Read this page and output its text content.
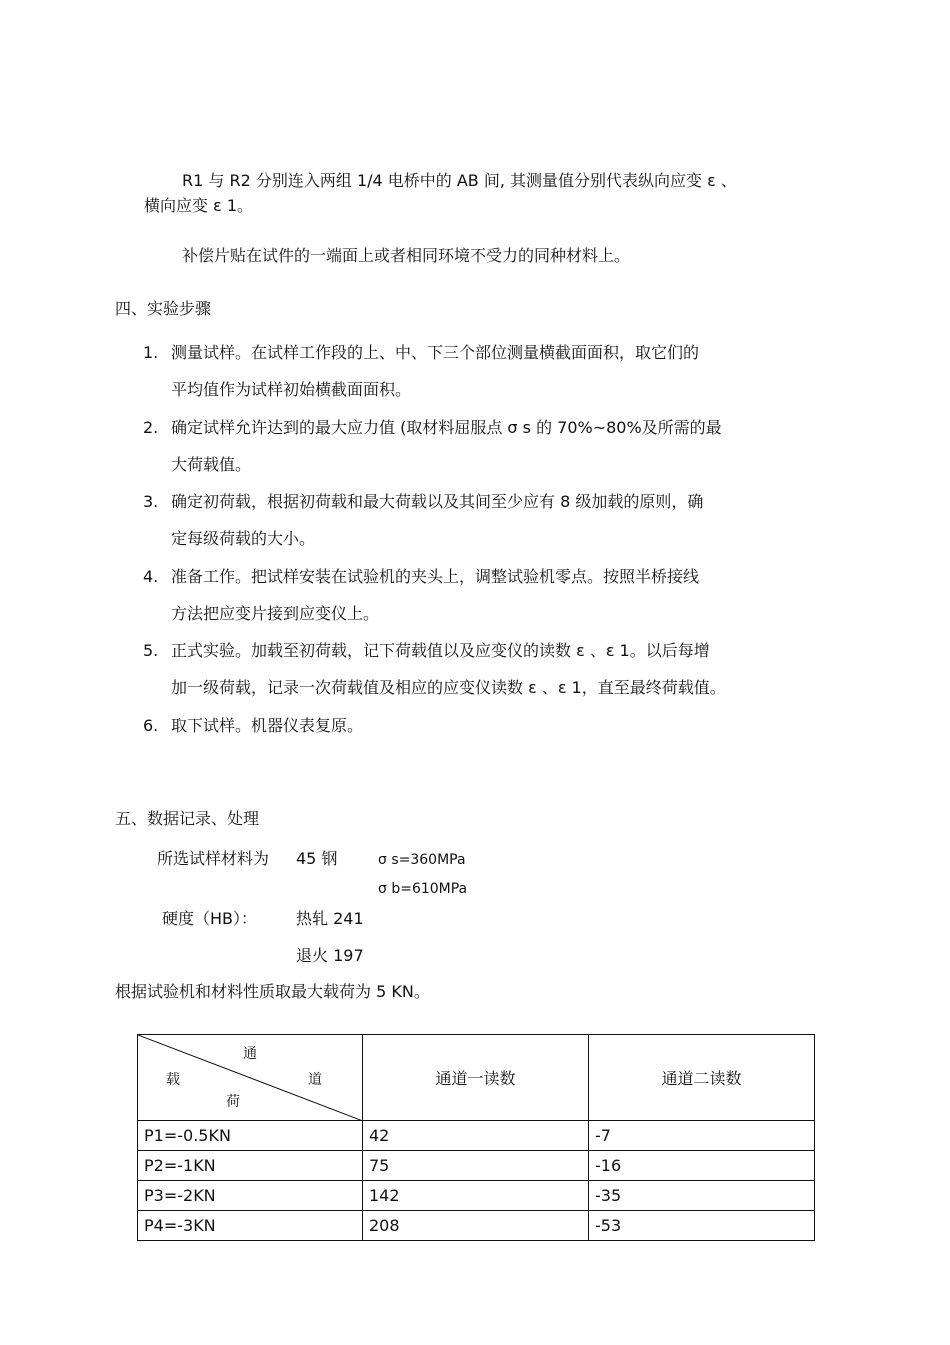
R1 与 R2 分别连入两组 1/4 电桥中的 AB 间, 其测量值分别代表纵向应变 ε 、
横向应变 ε 1。
补偿片贴在试件的一端面上或者相同环境不受力的同种材料上。
四、实验步骤
1. 测量试样。在试样工作段的上、中、下三个部位测量横截面面积，取它们的
平均值作为试样初始横截面面积。
2. 确定试样允许达到的最大应力值 (取材料屈服点 σ s 的 70%~80%及所需的最
大荷载值。
3. 确定初荷载，根据初荷载和最大荷载以及其间至少应有 8 级加载的原则，确
定每级荷载的大小。
4. 准备工作。把试样安装在试验机的夹头上，调整试验机零点。按照半桥接线
方法把应变片接到应变仪上。
5. 正式实验。加载至初荷载，记下荷载值以及应变仪的读数 ε 、ε 1。以后每增
加一级荷载，记录一次荷载值及相应的应变仪读数 ε 、ε 1，直至最终荷载值。
6. 取下试样。机器仪表复原。
五、数据记录、处理
所选试样材料为 45 钢	σ s=360MPa
σ b=610MPa
硬度（HB）： 热轧 241
退火 197
根据试验机和材料性质取最大载荷为 5 KN。
通
载 道
荷	通道一读数	通道二读数
P1=-0.5KN	42	-7
P2=-1KN	75	-16
P3=-2KN	142	-35
P4=-3KN	208	-53
